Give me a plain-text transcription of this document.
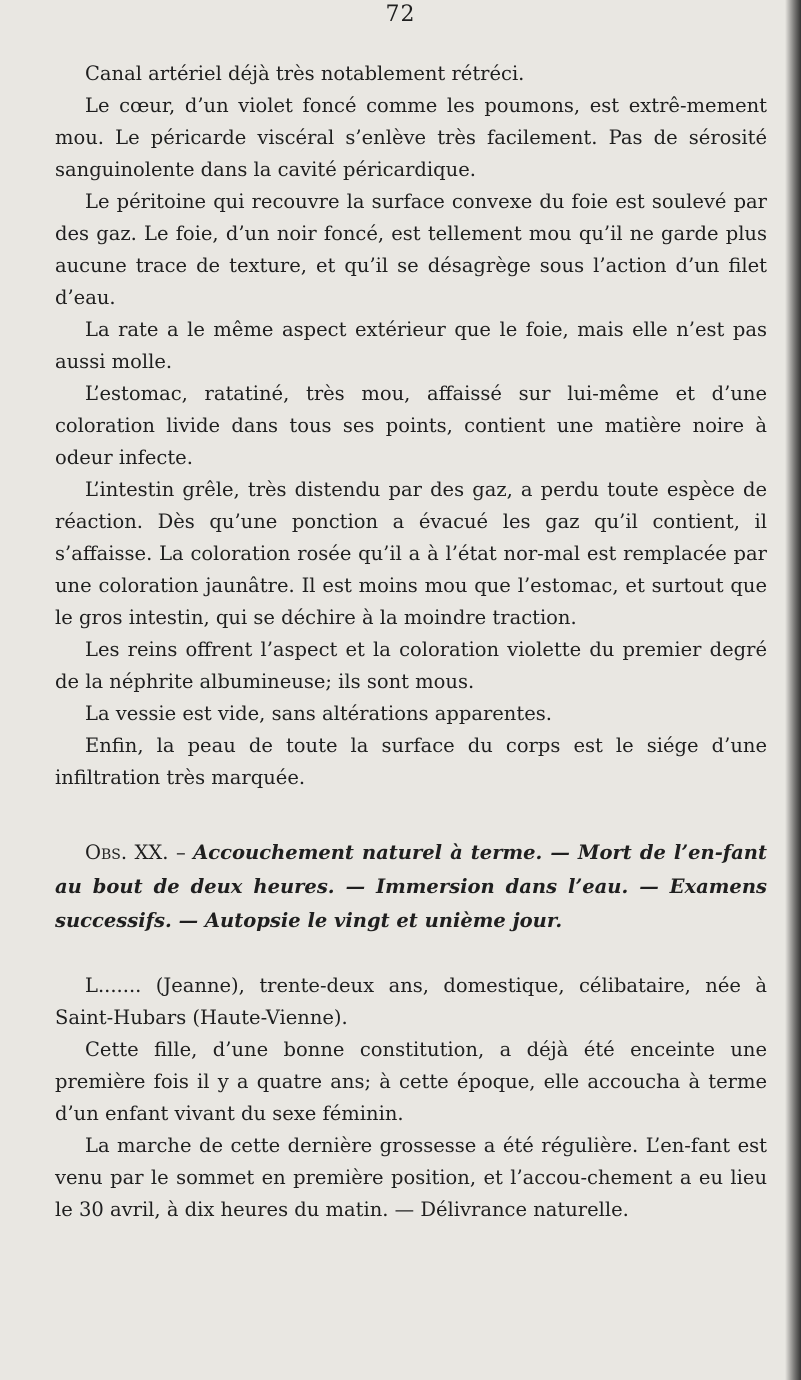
72

Canal artériel déjà très notablement rétréci.

Le cœur, d’un violet foncé comme les poumons, est extrê-mement mou. Le péricarde viscéral s’enlève très facilement. Pas de sérosité sanguinolente dans la cavité péricardique.

Le péritoine qui recouvre la surface convexe du foie est soulevé par des gaz. Le foie, d’un noir foncé, est tellement mou qu’il ne garde plus aucune trace de texture, et qu’il se désagrège sous l’action d’un filet d’eau.

La rate a le même aspect extérieur que le foie, mais elle n’est pas aussi molle.

L’estomac, ratatiné, très mou, affaissé sur lui-même et d’une coloration livide dans tous ses points, contient une matière noire à odeur infecte.

L’intestin grêle, très distendu par des gaz, a perdu toute espèce de réaction. Dès qu’une ponction a évacué les gaz qu’il contient, il s’affaisse. La coloration rosée qu’il a à l’état nor-mal est remplacée par une coloration jaunâtre. Il est moins mou que l’estomac, et surtout que le gros intestin, qui se déchire à la moindre traction.

Les reins offrent l’aspect et la coloration violette du premier degré de la néphrite albumineuse; ils sont mous.

La vessie est vide, sans altérations apparentes.

Enfin, la peau de toute la surface du corps est le siége d’une infiltration très marquée.

Obs. XX. – Accouchement naturel à terme. — Mort de l’en-fant au bout de deux heures. — Immersion dans l’eau. — Examens successifs. — Autopsie le vingt et unième jour.

L....... (Jeanne), trente-deux ans, domestique, célibataire, née à Saint-Hubars (Haute-Vienne).

Cette fille, d’une bonne constitution, a déjà été enceinte une première fois il y a quatre ans; à cette époque, elle accoucha à terme d’un enfant vivant du sexe féminin.

La marche de cette dernière grossesse a été régulière. L’en-fant est venu par le sommet en première position, et l’accou-chement a eu lieu le 30 avril, à dix heures du matin. — Délivrance naturelle.
